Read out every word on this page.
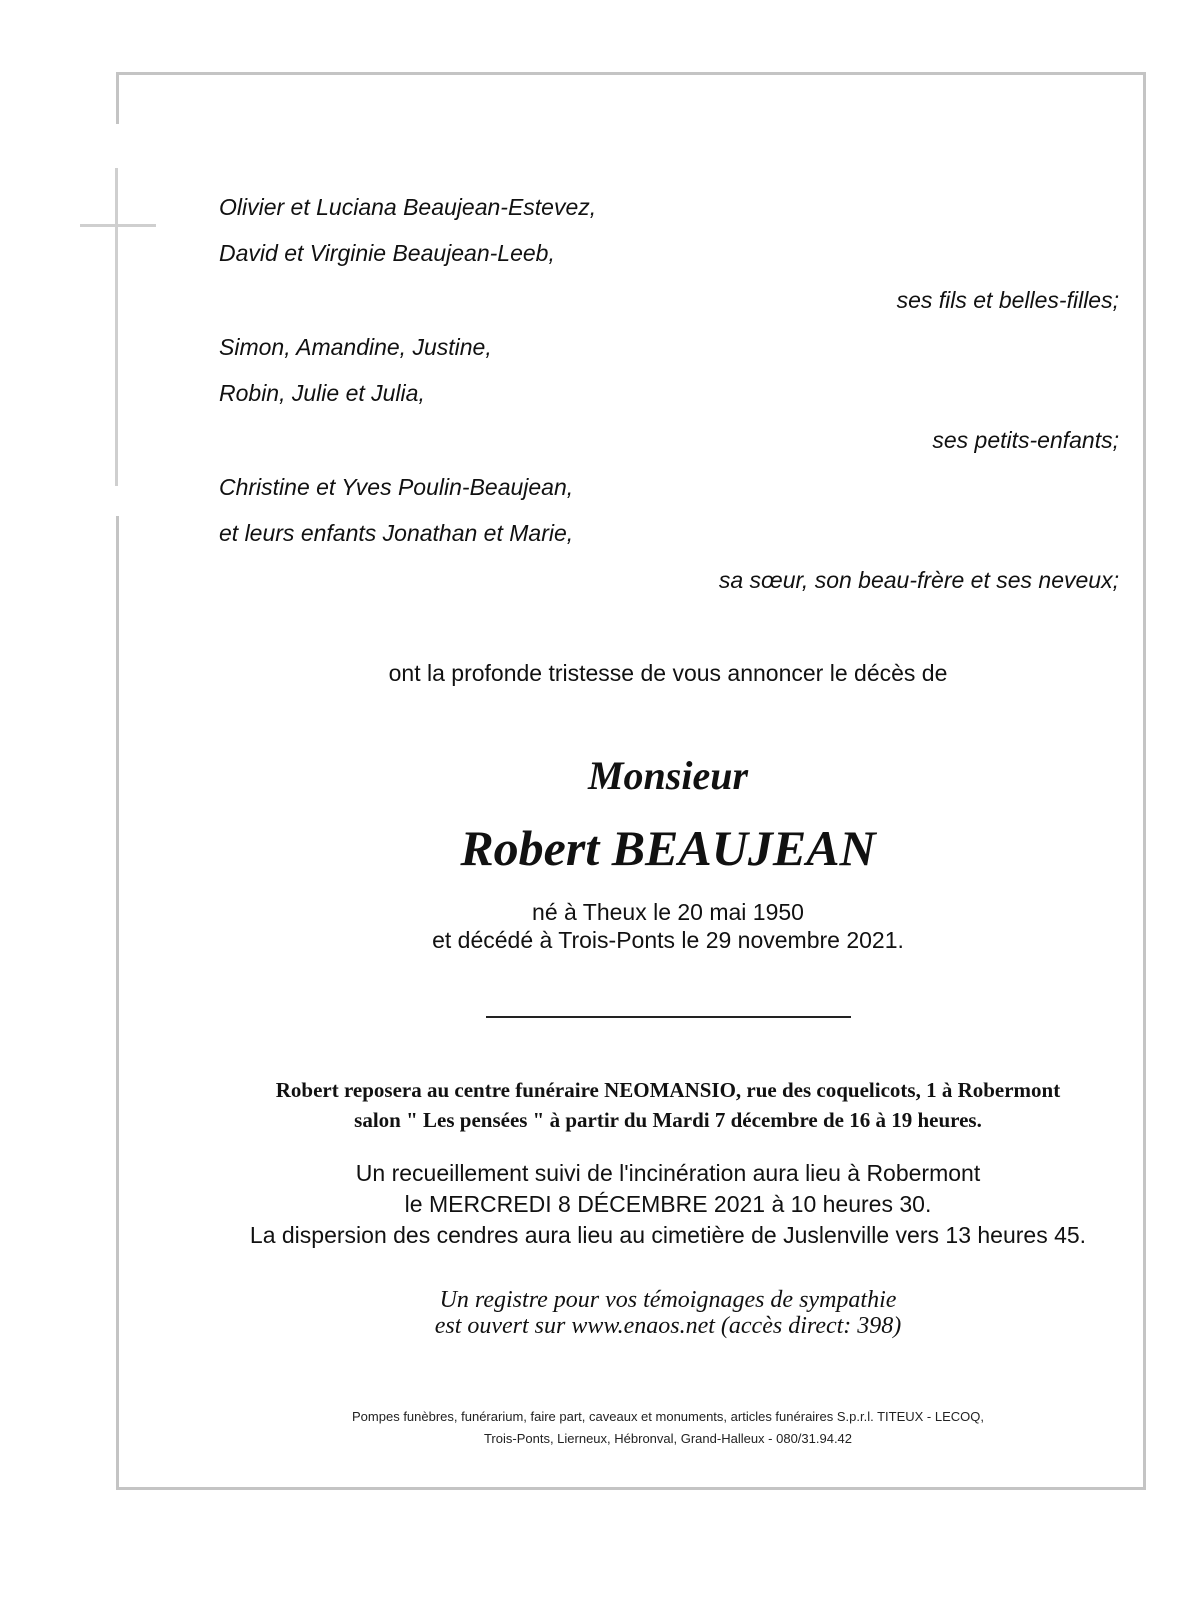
Olivier et Luciana Beaujean-Estevez,
David et Virginie Beaujean-Leeb,
ses fils et belles-filles;
Simon, Amandine, Justine,
Robin, Julie et Julia,
ses petits-enfants;
Christine et Yves Poulin-Beaujean,
et leurs enfants Jonathan et Marie,
sa sœur, son beau-frère et ses neveux;
ont la profonde tristesse de vous annoncer le décès de
Monsieur
Robert BEAUJEAN
né à Theux le 20 mai 1950
et décédé à Trois-Ponts le 29 novembre 2021.
Robert reposera au centre funéraire NEOMANSIO, rue des coquelicots, 1 à Robermont
salon " Les pensées " à partir du Mardi 7 décembre de 16 à 19 heures.
Un recueillement suivi de l'incinération aura lieu à Robermont
le MERCREDI 8 DÉCEMBRE 2021 à 10 heures 30.
La dispersion des cendres aura lieu au cimetière de Juslenville vers 13 heures 45.
Un registre pour vos témoignages de sympathie
est ouvert sur www.enaos.net (accès direct: 398)
Pompes funèbres, funérarium, faire part, caveaux et monuments, articles funéraires S.p.r.l. TITEUX - LECOQ,
Trois-Ponts, Lierneux, Hébronval, Grand-Halleux - 080/31.94.42
